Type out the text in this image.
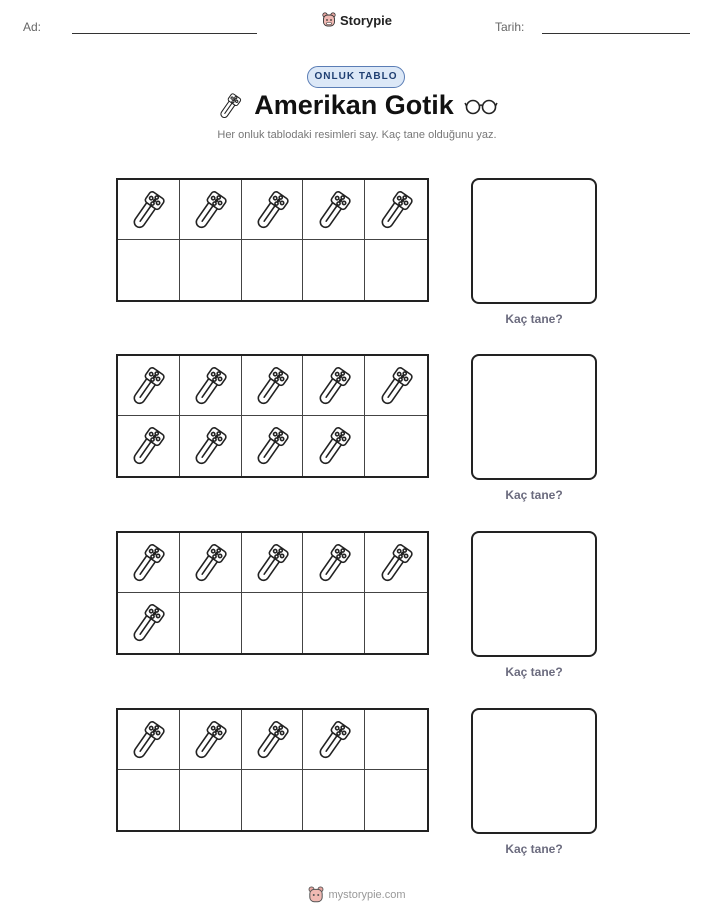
Ad:	Storypie	Tarih:
ONLUK TABLO
Amerikan Gotik
Her onluk tablodaki resimleri say. Kaç tane olduğunu yaz.
Kaç tane?
Kaç tane?
Kaç tane?
Kaç tane?
mystorypie.com
